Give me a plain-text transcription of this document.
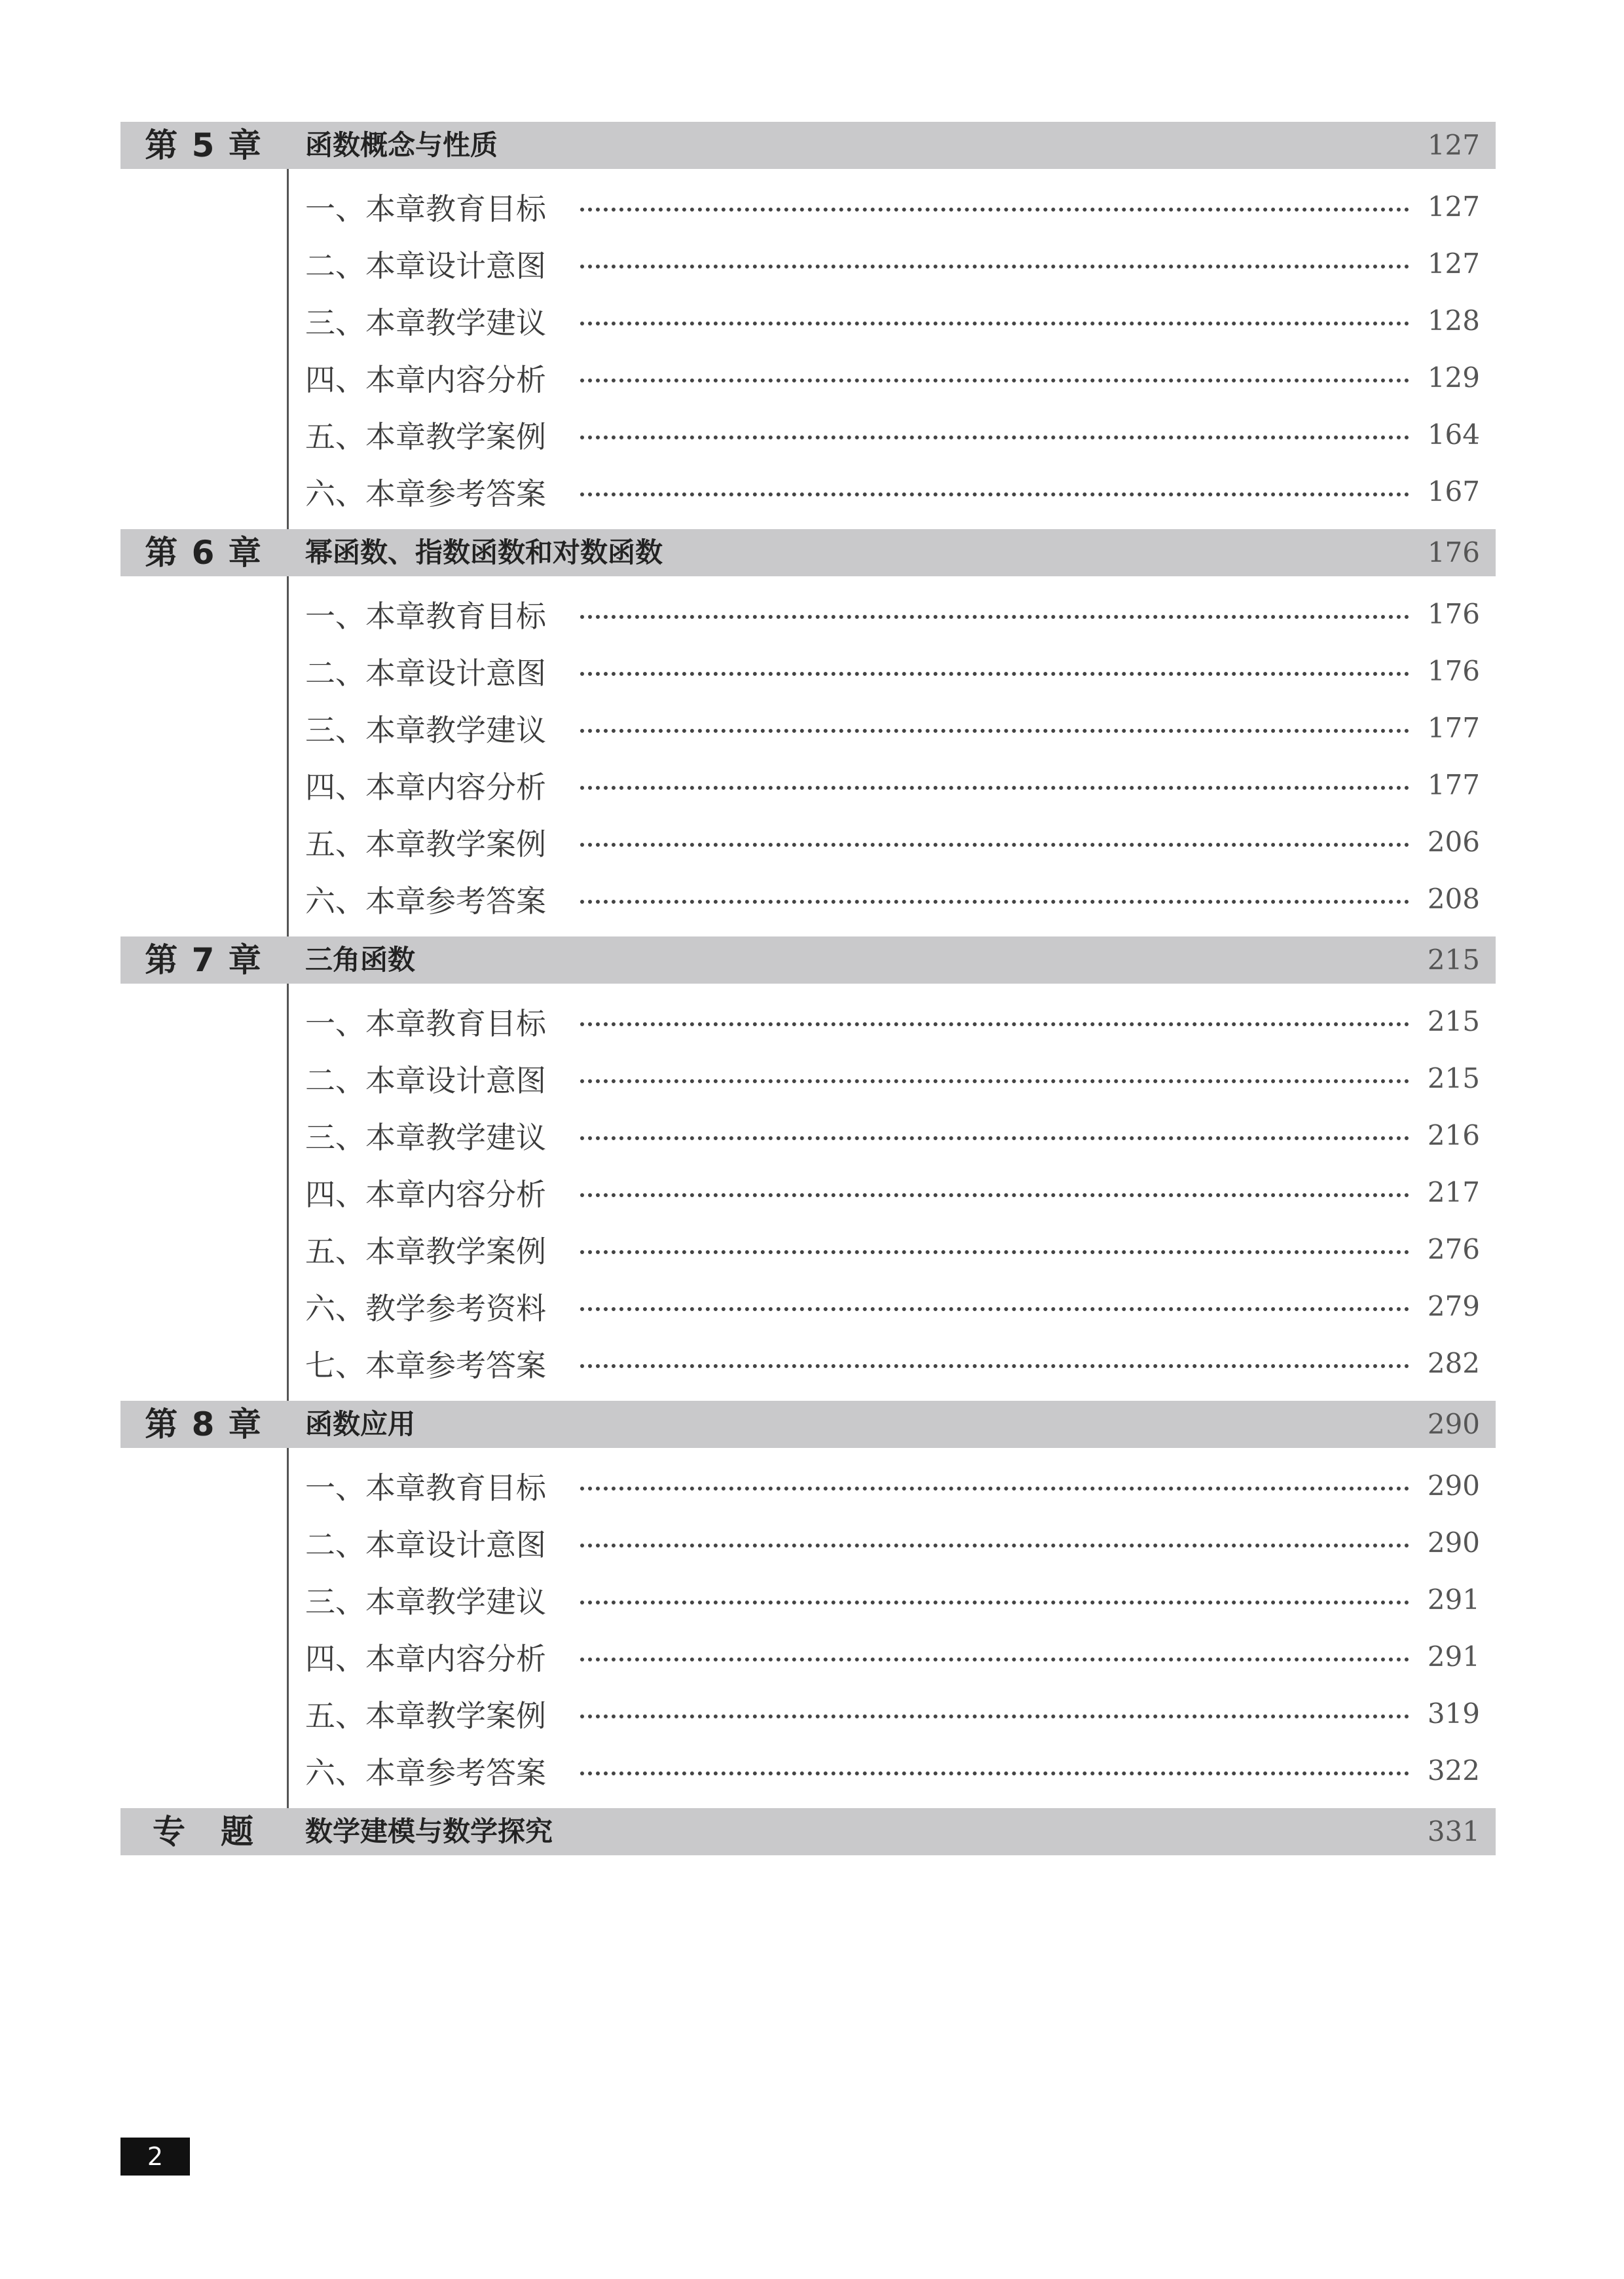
第 5 章	函数概念与性质	127
一、本章教育目标	127
二、本章设计意图	127
三、本章教学建议	128
四、本章内容分析	129
五、本章教学案例	164
六、本章参考答案	167
第 6 章	幂函数、指数函数和对数函数	176
一、本章教育目标	176
二、本章设计意图	176
三、本章教学建议	177
四、本章内容分析	177
五、本章教学案例	206
六、本章参考答案	208
第 7 章	三角函数	215
一、本章教育目标	215
二、本章设计意图	215
三、本章教学建议	216
四、本章内容分析	217
五、本章教学案例	276
六、教学参考资料	279
七、本章参考答案	282
第 8 章	函数应用	290
一、本章教育目标	290
二、本章设计意图	290
三、本章教学建议	291
四、本章内容分析	291
五、本章教学案例	319
六、本章参考答案	322
专　题	数学建模与数学探究	331
2
